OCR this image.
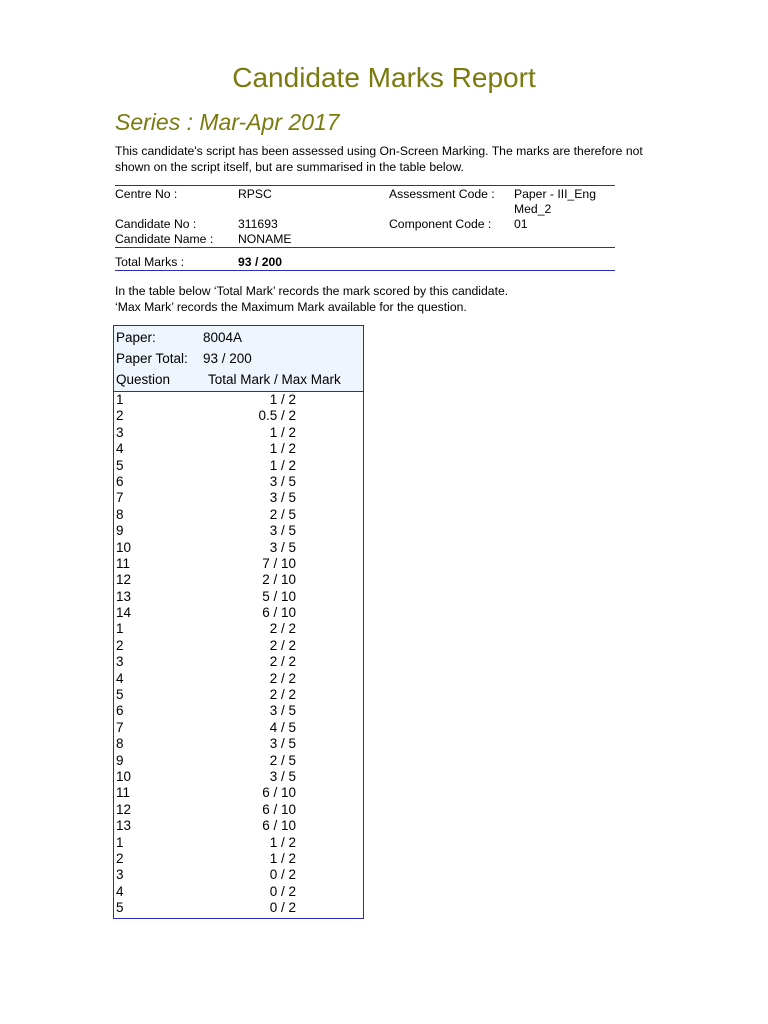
Candidate Marks Report
Series : Mar-Apr 2017
This candidate's script has been assessed using On-Screen Marking. The marks are therefore not shown on the script itself, but are summarised in the table below.
Centre No :	RPSC	Assessment Code : Paper - III_Eng
Med_2
Candidate No :	311693	Component Code : 01
Candidate Name : NONAME
Total Marks :	93 / 200
In the table below ‘Total Mark’ records the mark scored by this candidate.
‘Max Mark’ records the Maximum Mark available for the question.
Paper:	8004A
Paper Total: 93 / 200
Question	Total Mark / Max Mark
1	1 / 2
2	0.5 / 2
3	1 / 2
4	1 / 2
5	1 / 2
6	3 / 5
7	3 / 5
8	2 / 5
9	3 / 5
10	3 / 5
11	7 / 10
12	2 / 10
13	5 / 10
14	6 / 10
1	2 / 2
2	2 / 2
3	2 / 2
4	2 / 2
5	2 / 2
6	3 / 5
7	4 / 5
8	3 / 5
9	2 / 5
10	3 / 5
11	6 / 10
12	6 / 10
13	6 / 10
1	1 / 2
2	1 / 2
3	0 / 2
4	0 / 2
5	0 / 2
